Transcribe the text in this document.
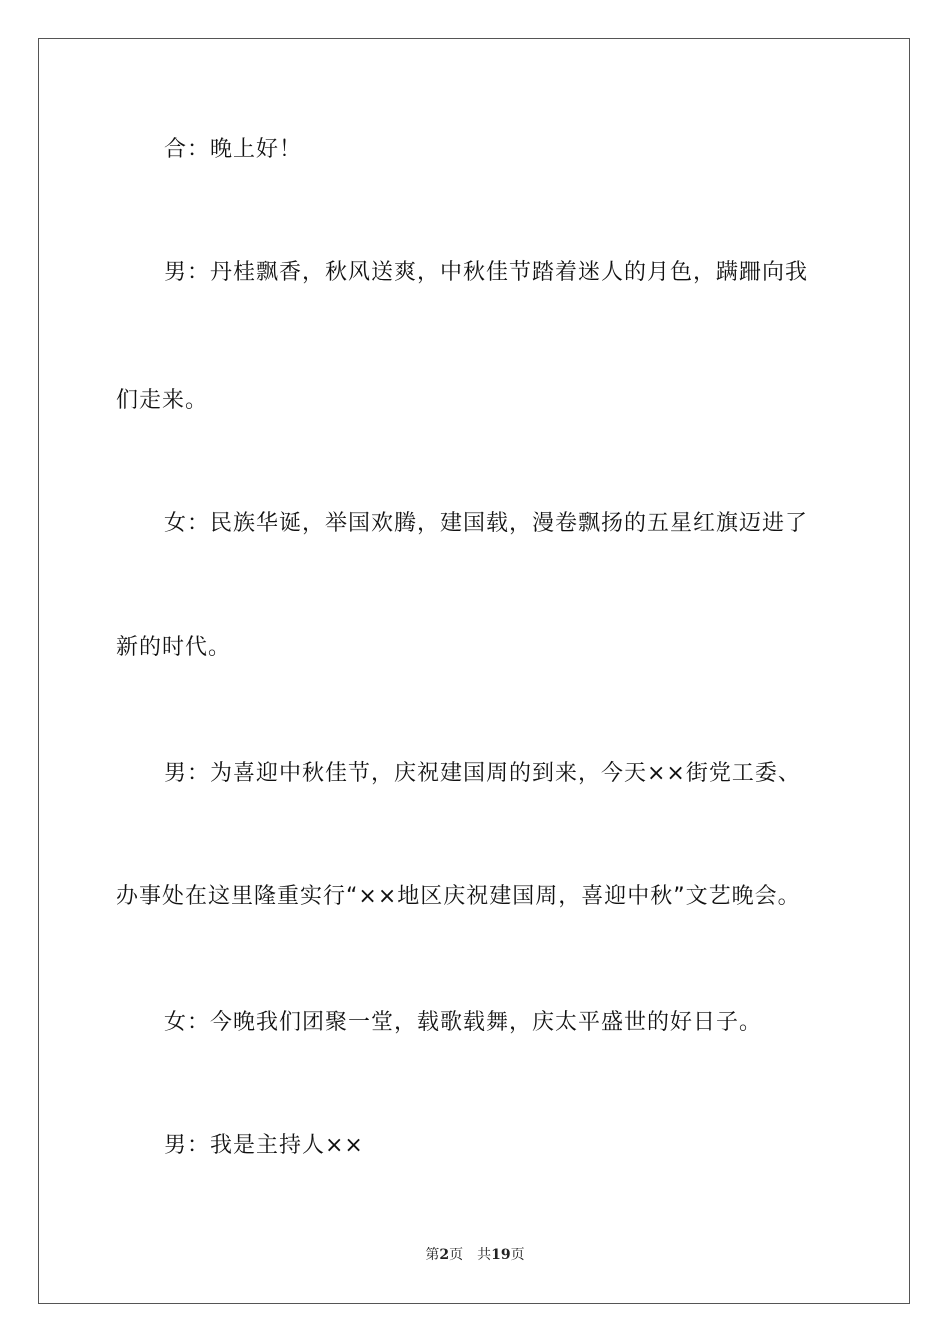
合：晚上好！
男：丹桂飘香，秋风送爽，中秋佳节踏着迷人的月色，蹒跚向我
们走来。
女：民族华诞，举国欢腾，建国载，漫卷飘扬的五星红旗迈进了
新的时代。
男：为喜迎中秋佳节，庆祝建国周的到来，今天××街党工委、
办事处在这里隆重实行“××地区庆祝建国周，喜迎中秋”文艺晚会。
女：今晚我们团聚一堂，载歌载舞，庆太平盛世的好日子。
男：我是主持人××
第2页 共19页
